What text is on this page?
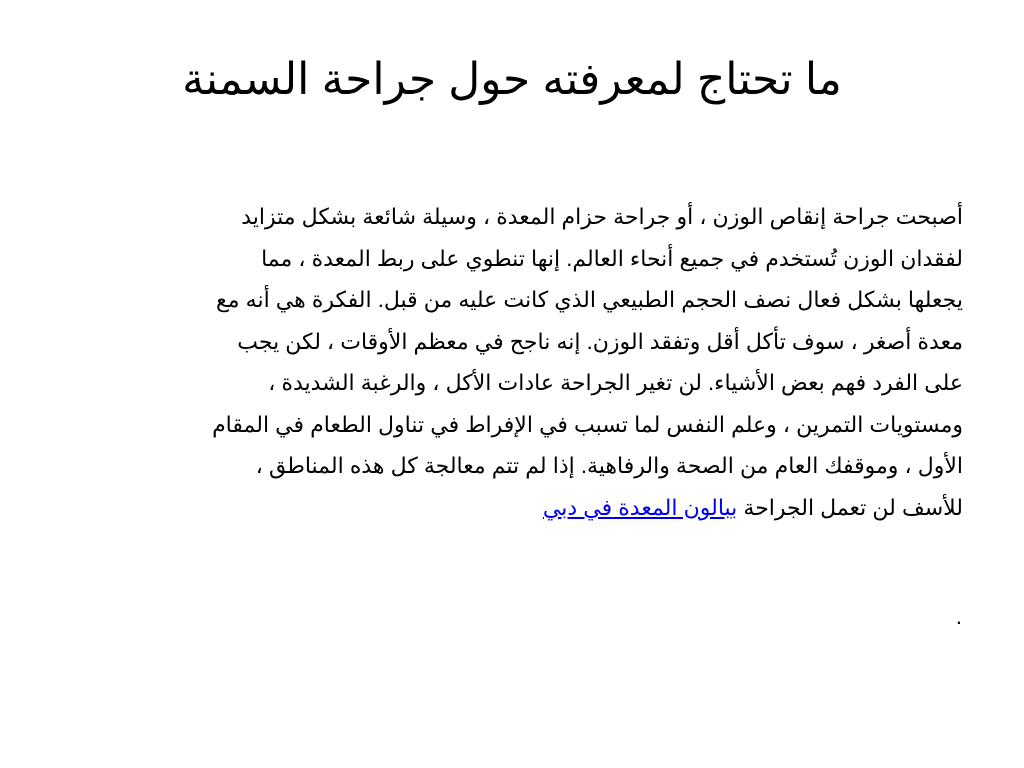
ما تحتاج لمعرفته حول جراحة السمنة
أصبحت جراحة إنقاص الوزن ، أو جراحة حزام المعدة ، وسيلة شائعة بشكل متزايد
لفقدان الوزن تُستخدم في جميع أنحاء العالم. إنها تنطوي على ربط المعدة ، مما
يجعلها بشكل فعال نصف الحجم الطبيعي الذي كانت عليه من قبل. الفكرة هي أنه مع
معدة أصغر ، سوف تأكل أقل وتفقد الوزن. إنه ناجح في معظم الأوقات ، لكن يجب
على الفرد فهم بعض الأشياء. لن تغير الجراحة عادات الأكل ، والرغبة الشديدة ،
ومستويات التمرين ، وعلم النفس لما تسبب في الإفراط في تناول الطعام في المقام
الأول ، وموقفك العام من الصحة والرفاهية. إذا لم تتم معالجة كل هذه المناطق ،
للأسف لن تعمل الجراحة ببالون المعدة في دبي
.
